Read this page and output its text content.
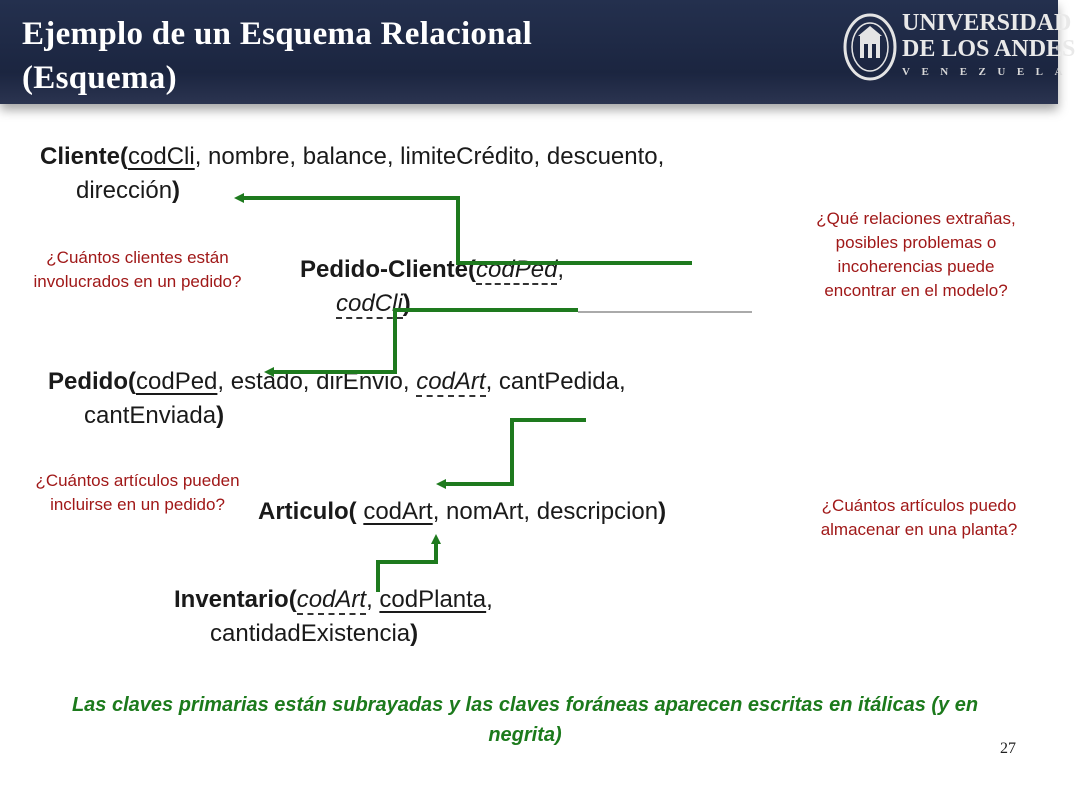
Ejemplo de un Esquema Relacional
(Esquema)
UNIVERSIDAD
DE LOS ANDES
VENEZUELA
Cliente(codCli, nombre, balance, limiteCrédito, descuento,
dirección)
Pedido-Cliente(codPed,
codCli)
Pedido(codPed, estado, dirEnvio, codArt, cantPedida,
cantEnviada)
Articulo( codArt, nomArt, descripcion)
Inventario(codArt, codPlanta,
cantidadExistencia)
¿Cuántos clientes están involucrados en un pedido?
¿Qué relaciones extrañas, posibles problemas o incoherencias puede encontrar en el modelo?
¿Cuántos artículos pueden incluirse en un pedido?	¿Cuántos artículos puedo almacenar en una planta?
Las claves primarias están subrayadas y las claves foráneas aparecen escritas en itálicas (y en negrita)
27
